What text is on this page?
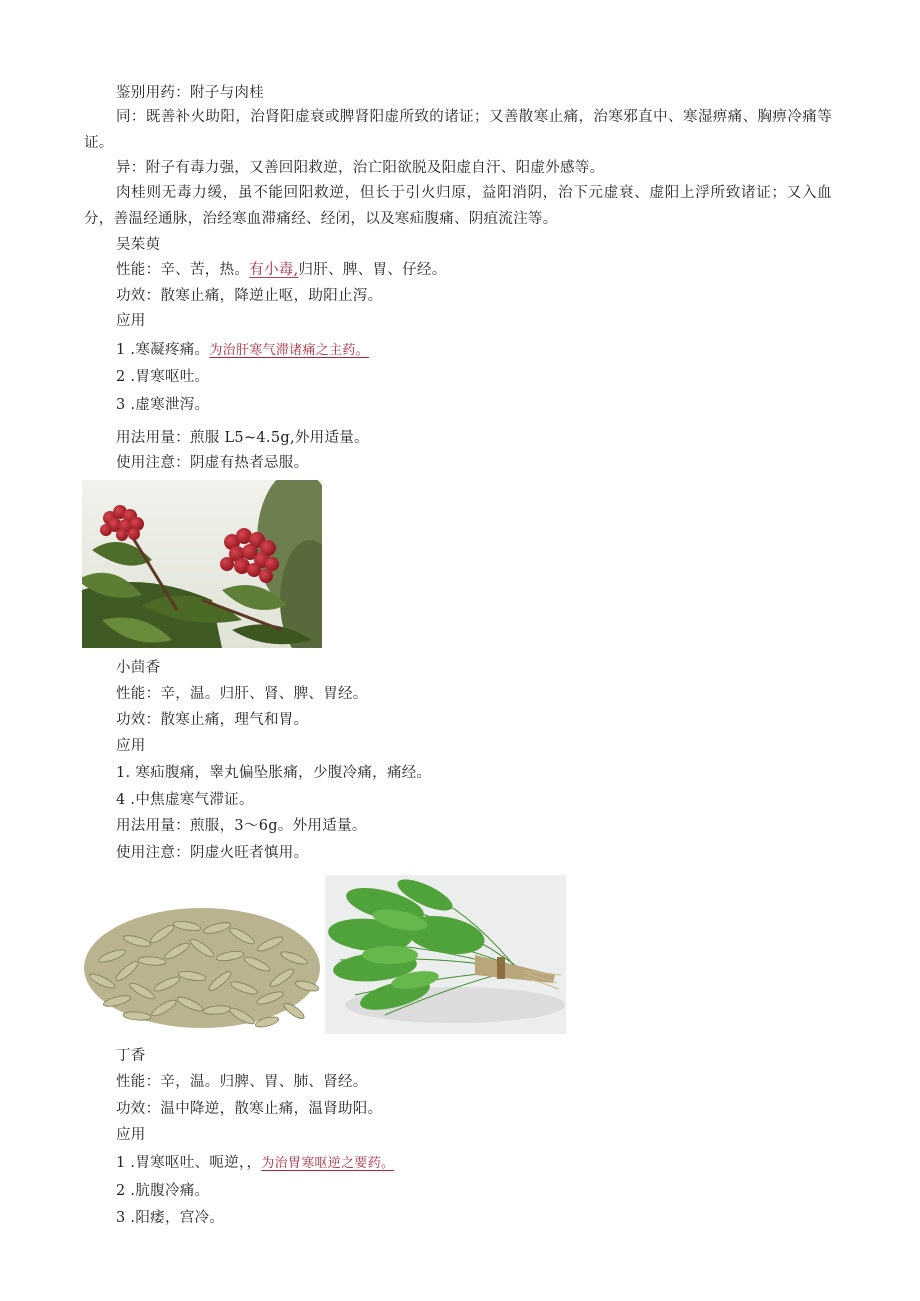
鉴别用药：附子与肉桂
同：既善补火助阳，治肾阳虚衰或脾肾阳虚所致的诸证；又善散寒止痛，治寒邪直中、寒湿痹痛、胸痹冷痛等证。
异：附子有毒力强，又善回阳救逆，治亡阳欲脱及阳虚自汗、阳虚外感等。
肉桂则无毒力缓，虽不能回阳救逆，但长于引火归原，益阳消阴，治下元虚衰、虚阳上浮所致诸证；又入血分，善温经通脉，治经寒血滞痛经、经闭，以及寒疝腹痛、阴疽流注等。
吴茱萸
性能：辛、苦，热。有小毒,归肝、脾、胃、仔经。
功效：散寒止痛，降逆止呕，助阳止泻。
应用
1 .寒凝疼痛。为治肝寒气滞诸痛之主药。
2 .胃寒呕吐。
3 .虚寒泄泻。
用法用量：煎服 L5~4.5g,外用适量。
使用注意：阴虚有热者忌服。
小茴香
性能：辛，温。归肝、肾、脾、胃经。
功效：散寒止痛，理气和胃。
应用
1. 寒疝腹痛，睾丸偏坠胀痛，少腹冷痛，痛经。
4 .中焦虚寒气滞证。
用法用量：煎服，3～6g。外用适量。
使用注意：阴虚火旺者慎用。
丁香
性能：辛，温。归脾、胃、肺、肾经。
功效：温中降逆，散寒止痛，温肾助阳。
应用
1 .胃寒呕吐、呃逆，，为治胃寒呕逆之要药。
2 .肮腹冷痛。
3 .阳痿，宫冷。
